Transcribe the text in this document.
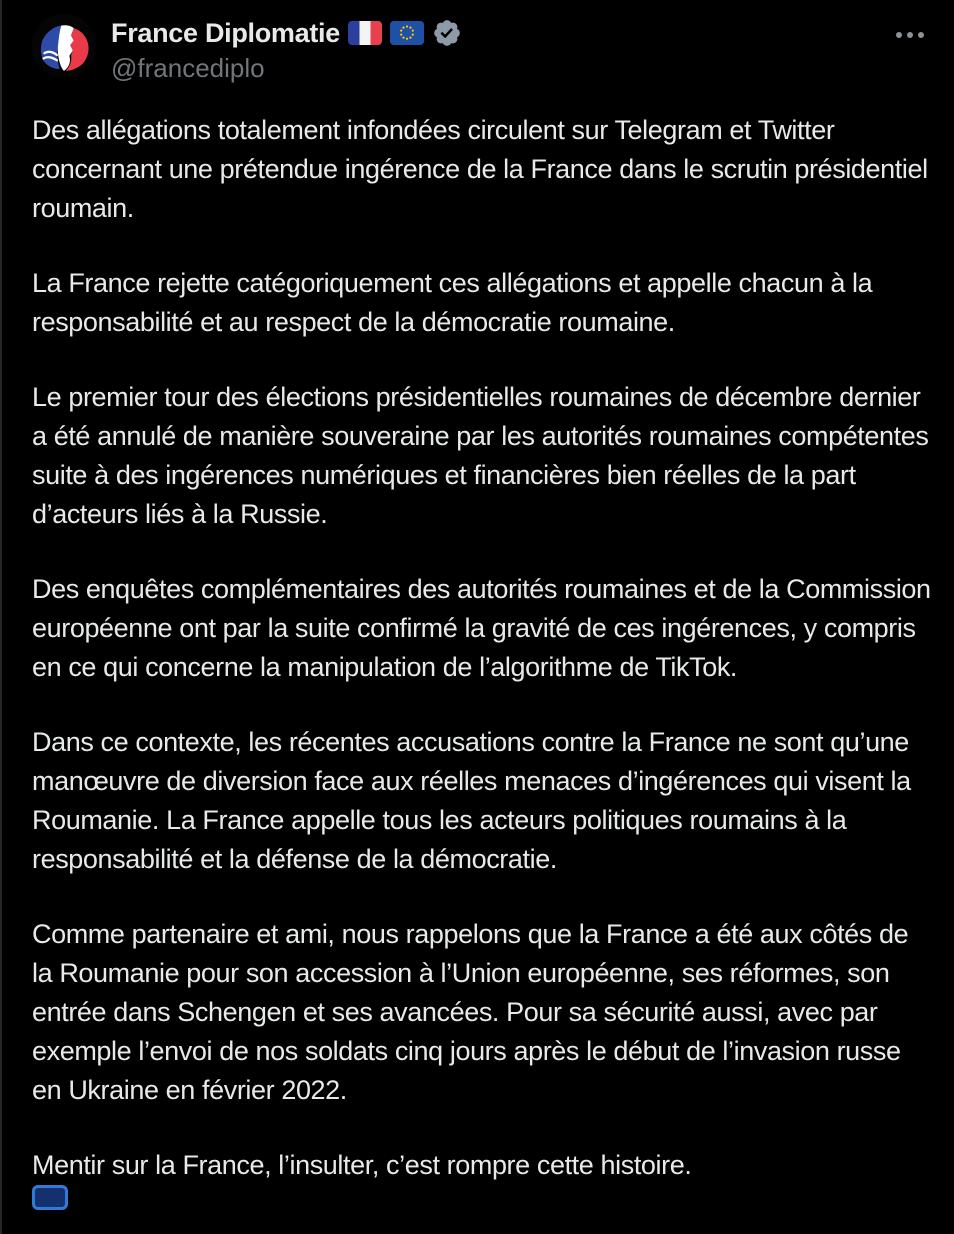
France Diplomatie
@francediplo

Des allégations totalement infondées circulent sur Telegram et Twitter concernant une prétendue ingérence de la France dans le scrutin présidentiel roumain.

La France rejette catégoriquement ces allégations et appelle chacun à la responsabilité et au respect de la démocratie roumaine.

Le premier tour des élections présidentielles roumaines de décembre dernier a été annulé de manière souveraine par les autorités roumaines compétentes suite à des ingérences numériques et financières bien réelles de la part d’acteurs liés à la Russie.

Des enquêtes complémentaires des autorités roumaines et de la Commission européenne ont par la suite confirmé la gravité de ces ingérences, y compris en ce qui concerne la manipulation de l’algorithme de TikTok.

Dans ce contexte, les récentes accusations contre la France ne sont qu’une manœuvre de diversion face aux réelles menaces d’ingérences qui visent la Roumanie. La France appelle tous les acteurs politiques roumains à la responsabilité et la défense de la démocratie.

Comme partenaire et ami, nous rappelons que la France a été aux côtés de la Roumanie pour son accession à l’Union européenne, ses réformes, son entrée dans Schengen et ses avancées. Pour sa sécurité aussi, avec par exemple l’envoi de nos soldats cinq jours après le début de l’invasion russe en Ukraine en février 2022.

Mentir sur la France, l’insulter, c’est rompre cette histoire.
